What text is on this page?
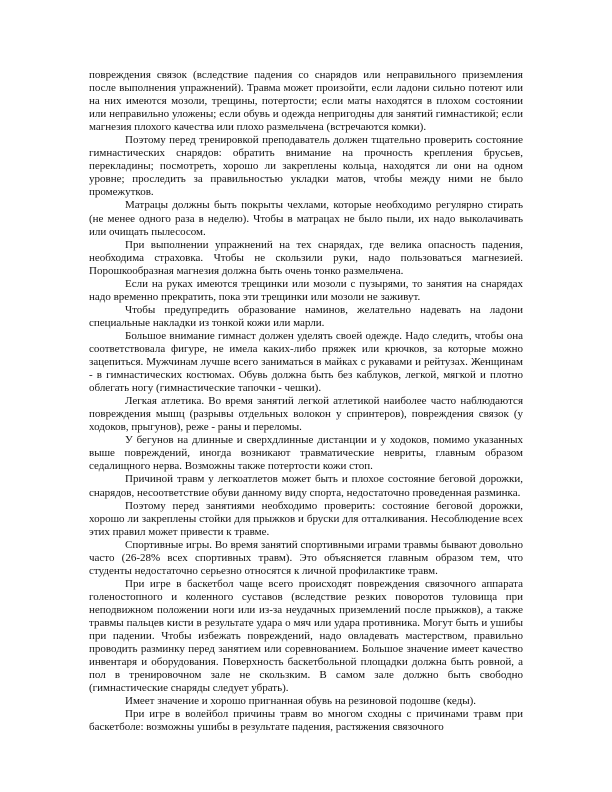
повреждения связок (вследствие падения со снарядов или неправильного приземления после выполнения упражнений). Травма может произойти, если ладони сильно потеют или на них имеются мозоли, трещины, потертости; если маты находятся в плохом состоянии или неправильно уложены; если обувь и одежда непригодны для занятий гимнастикой; если магнезия плохого качества или плохо размельчена (встречаются комки).

Поэтому перед тренировкой преподаватель должен тщательно проверить состояние гимнастических снарядов: обратить внимание на прочность крепления брусьев, перекладины; посмотреть, хорошо ли закреплены кольца, находятся ли они на одном уровне; проследить за правильностью укладки матов, чтобы между ними не было промежутков.

Матрацы должны быть покрыты чехлами, которые необходимо регулярно стирать (не менее одного раза в неделю). Чтобы в матрацах не было пыли, их надо выколачивать или очищать пылесосом.

При выполнении упражнений на тех снарядах, где велика опасность падения, необходима страховка. Чтобы не скользили руки, надо пользоваться магнезией. Порошкообразная магнезия должна быть очень тонко размельчена.

Если на руках имеются трещинки или мозоли с пузырями, то занятия на снарядах надо временно прекратить, пока эти трещинки или мозоли не заживут.

Чтобы предупредить образование наминов, желательно надевать на ладони специальные накладки из тонкой кожи или марли.

Большое внимание гимнаст должен уделять своей одежде. Надо следить, чтобы она соответствовала фигуре, не имела каких-либо пряжек или крючков, за которые можно зацепиться. Мужчинам лучше всего заниматься в майках с рукавами и рейтузах. Женщинам - в гимнастических костюмах. Обувь должна быть без каблуков, легкой, мягкой и плотно облегать ногу (гимнастические тапочки - чешки).

Легкая атлетика. Во время занятий легкой атлетикой наиболее часто наблюдаются повреждения мышц (разрывы отдельных волокон у спринтеров), повреждения связок (у ходоков, прыгунов), реже - раны и переломы.

У бегунов на длинные и сверхдлинные дистанции и у ходоков, помимо указанных выше повреждений, иногда возникают травматические невриты, главным образом седалищного нерва. Возможны также потертости кожи стоп.

Причиной травм у легкоатлетов может быть и плохое состояние беговой дорожки, снарядов, несоответствие обуви данному виду спорта, недостаточно проведенная разминка.

Поэтому перед занятиями необходимо проверить: состояние беговой дорожки, хорошо ли закреплены стойки для прыжков и бруски для отталкивания. Несоблюдение всех этих правил может привести к травме.

Спортивные игры. Во время занятий спортивными играми травмы бывают довольно часто (26-28% всех спортивных травм). Это объясняется главным образом тем, что студенты недостаточно серьезно относятся к личной профилактике травм.

При игре в баскетбол чаще всего происходят повреждения связочного аппарата голеностопного и коленного суставов (вследствие резких поворотов туловища при неподвижном положении ноги или из-за неудачных приземлений после прыжков), а также травмы пальцев кисти в результате удара о мяч или удара противника. Могут быть и ушибы при падении. Чтобы избежать повреждений, надо овладевать мастерством, правильно проводить разминку перед занятием или соревнованием. Большое значение имеет качество инвентаря и оборудования. Поверхность баскетбольной площадки должна быть ровной, а пол в тренировочном зале не скользким. В самом зале должно быть свободно (гимнастические снаряды следует убрать).

Имеет значение и хорошо пригнанная обувь на резиновой подошве (кеды).

При игре в волейбол причины травм во многом сходны с причинами травм при баскетболе: возможны ушибы в результате падения, растяжения связочного
